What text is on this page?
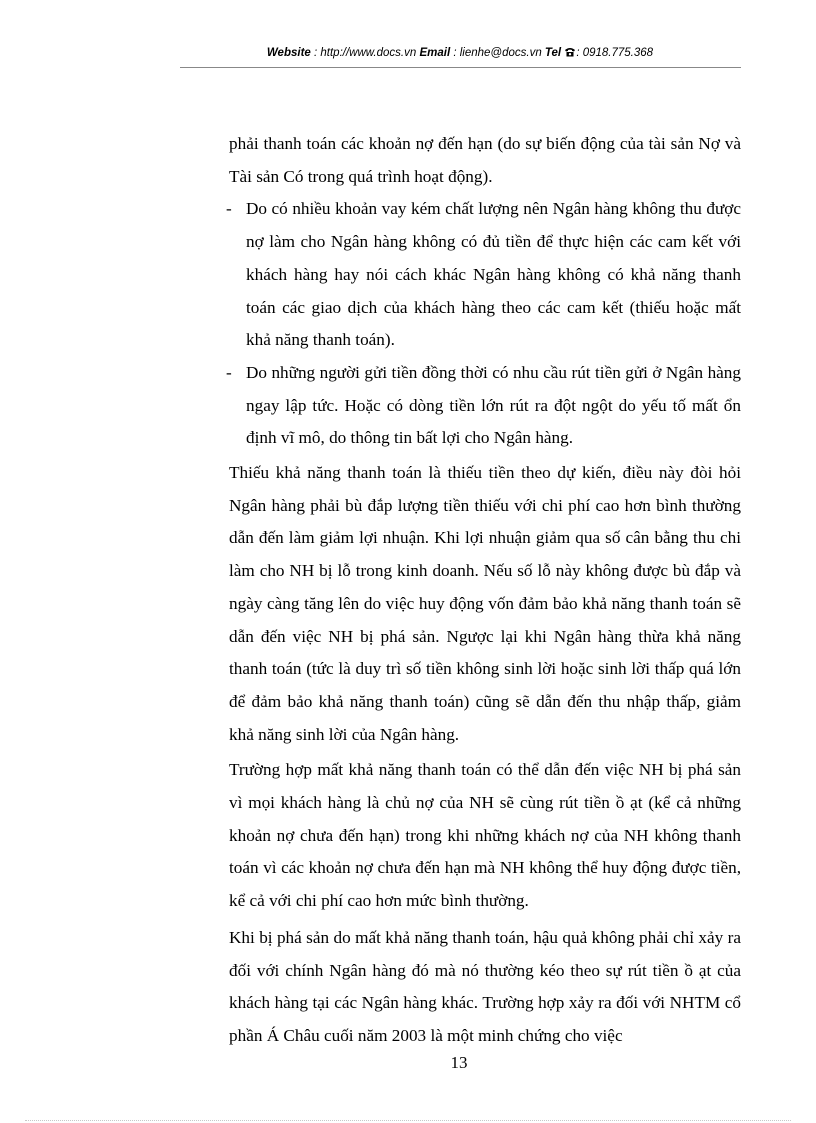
Website : http://www.docs.vn Email : lienhe@docs.vn Tel : 0918.775.368

phải thanh toán các khoản nợ đến hạn (do sự biến động của tài sản Nợ và Tài sản Có trong quá trình hoạt động).

- Do có nhiều khoản vay kém chất lượng nên Ngân hàng không thu được nợ làm cho Ngân hàng không có đủ tiền để thực hiện các cam kết với khách hàng hay nói cách khác Ngân hàng không có khả năng thanh toán các giao dịch của khách hàng theo các cam kết (thiếu hoặc mất khả năng thanh toán).

- Do những người gửi tiền đồng thời có nhu cầu rút tiền gửi ở Ngân hàng ngay lập tức. Hoặc có dòng tiền lớn rút ra đột ngột do yếu tố mất ổn định vĩ mô, do thông tin bất lợi cho Ngân hàng.

Thiếu khả năng thanh toán là thiếu tiền theo dự kiến, điều này đòi hỏi Ngân hàng phải bù đắp lượng tiền thiếu với chi phí cao hơn bình thường dẫn đến làm giảm lợi nhuận. Khi lợi nhuận giảm qua số cân bằng thu chi làm cho NH bị lỗ trong kinh doanh. Nếu số lỗ này không được bù đắp và ngày càng tăng lên do việc huy động vốn đảm bảo khả năng thanh toán sẽ dẫn đến việc NH bị phá sản. Ngược lại khi Ngân hàng thừa khả năng thanh toán (tức là duy trì số tiền không sinh lời hoặc sinh lời thấp quá lớn để đảm bảo khả năng thanh toán) cũng sẽ dẫn đến thu nhập thấp, giảm khả năng sinh lời của Ngân hàng.

Trường hợp mất khả năng thanh toán có thể dẫn đến việc NH bị phá sản vì mọi khách hàng là chủ nợ của NH sẽ cùng rút tiền ồ ạt (kể cả những khoản nợ chưa đến hạn) trong khi những khách nợ của NH không thanh toán vì các khoản nợ chưa đến hạn mà NH không thể huy động được tiền, kể cả với chi phí cao hơn mức bình thường.

Khi bị phá sản do mất khả năng thanh toán, hậu quả không phải chỉ xảy ra đối với chính Ngân hàng đó mà nó thường kéo theo sự rút tiền ồ ạt của khách hàng tại các Ngân hàng khác. Trường hợp xảy ra đối với NHTM cổ phần Á Châu cuối năm 2003 là một minh chứng cho việc

13
